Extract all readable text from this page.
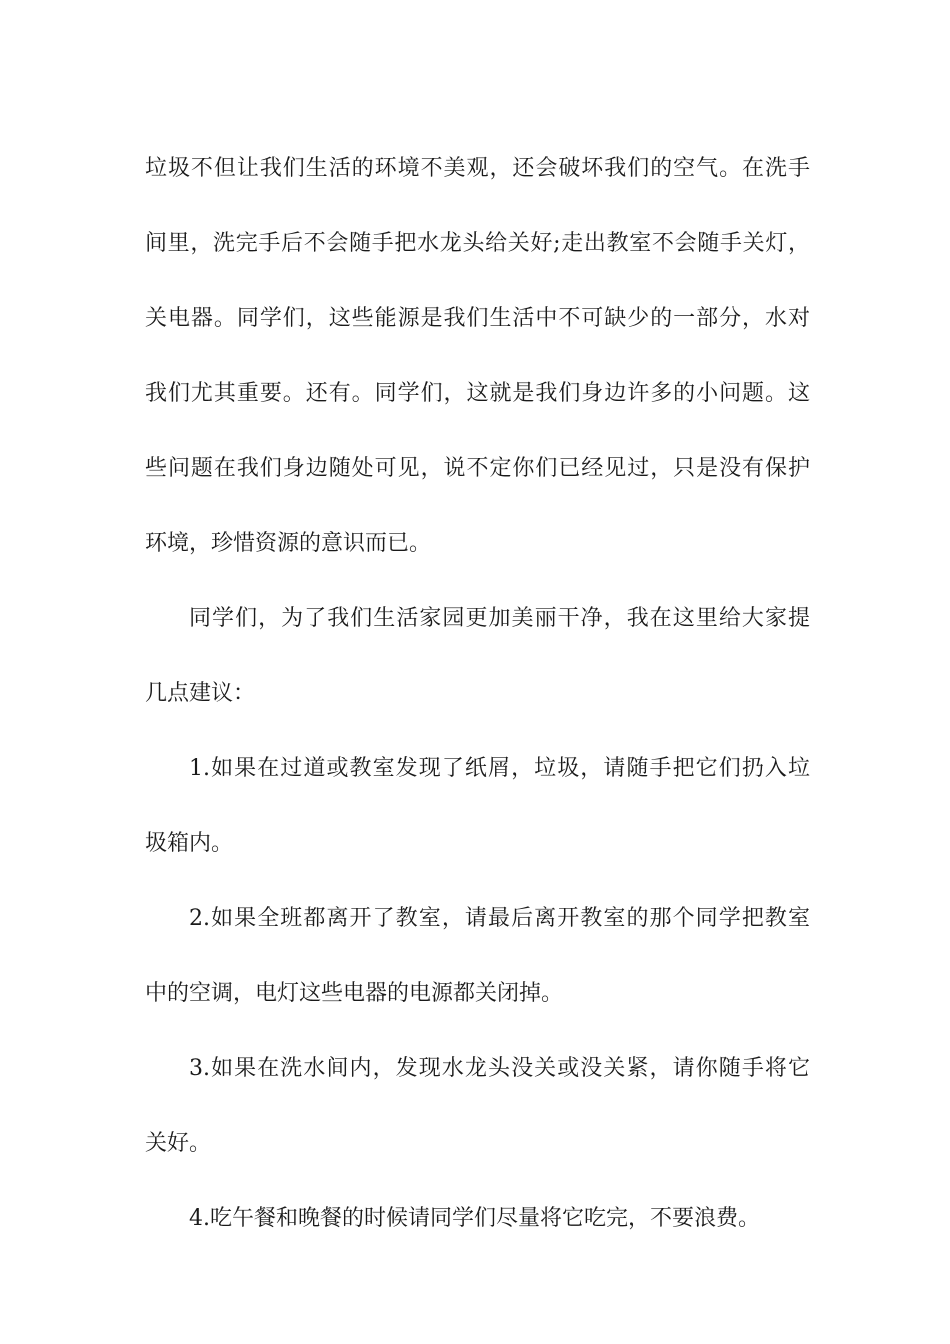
垃圾不但让我们生活的环境不美观，还会破坏我们的空气。在洗手
间里，洗完手后不会随手把水龙头给关好;走出教室不会随手关灯，
关电器。同学们，这些能源是我们生活中不可缺少的一部分，水对
我们尤其重要。还有。同学们，这就是我们身边许多的小问题。这
些问题在我们身边随处可见，说不定你们已经见过，只是没有保护
环境，珍惜资源的意识而已。
同学们，为了我们生活家园更加美丽干净，我在这里给大家提
几点建议：
1.如果在过道或教室发现了纸屑，垃圾，请随手把它们扔入垃
圾箱内。
2.如果全班都离开了教室，请最后离开教室的那个同学把教室
中的空调，电灯这些电器的电源都关闭掉。
3.如果在洗水间内，发现水龙头没关或没关紧，请你随手将它
关好。
4.吃午餐和晚餐的时候请同学们尽量将它吃完，不要浪费。
